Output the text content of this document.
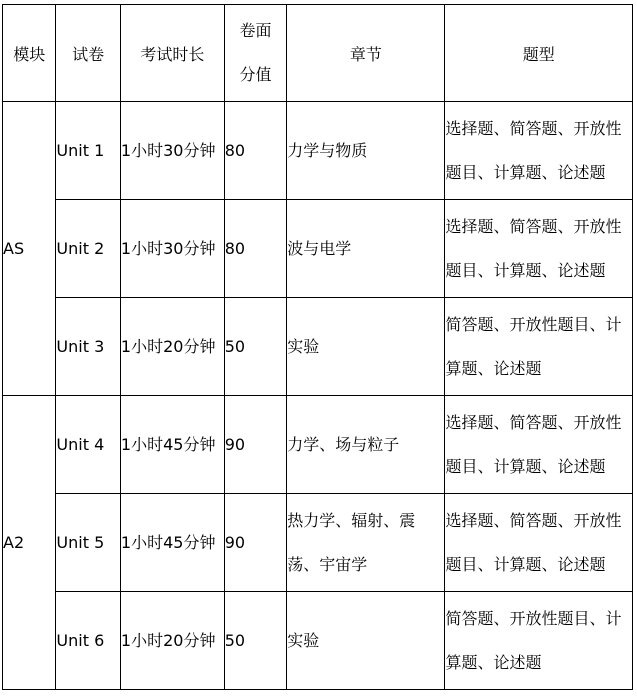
模块	试卷	考试时长	卷面分值	章节	题型
AS	Unit 1	1小时30分钟	80	力学与物质	选择题、简答题、开放性题目、计算题、论述题

	Unit 2	1小时30分钟	80	波与电学	选择题、简答题、开放性题目、计算题、论述题

	Unit 3	1小时20分钟	50	实验	简答题、开放性题目、计算题、论述题

A2	Unit 4	1小时45分钟	90	力学、场与粒子	选择题、简答题、开放性题目、计算题、论述题

	Unit 5	1小时45分钟	90	热力学、辐射、震荡、宇宙学	选择题、简答题、开放性题目、计算题、论述题

	Unit 6	1小时20分钟	50	实验	简答题、开放性题目、计算题、论述题
